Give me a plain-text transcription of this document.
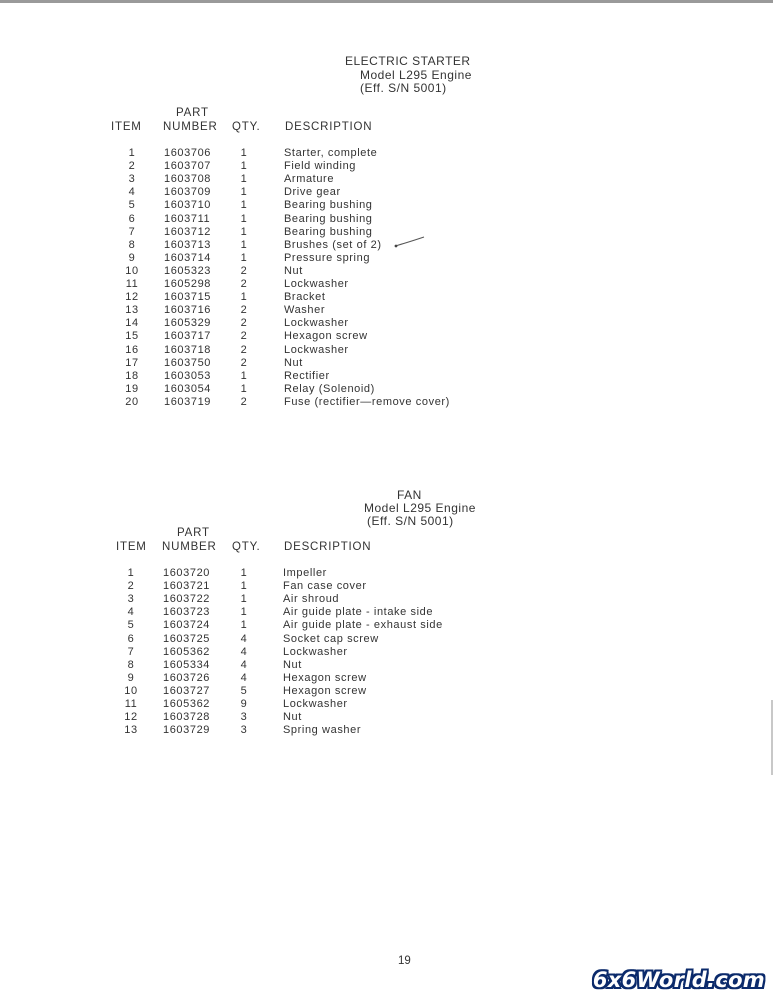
ELECTRIC STARTER
Model L295 Engine
(Eff. S/N 5001)
PART
ITEM NUMBER QTY. DESCRIPTION
1	1603706	1	Starter, complete
2	1603707	1	Field winding
3	1603708	1	Armature
4	1603709	1	Drive gear
5	1603710	1	Bearing bushing
6	1603711	1	Bearing bushing
7	1603712	1	Bearing bushing
8	1603713	1	Brushes (set of 2)
9	1603714	1	Pressure spring
10	1605323	2	Nut
11	1605298	2	Lockwasher
12	1603715	1	Bracket
13	1603716	2	Washer
14	1605329	2	Lockwasher
15	1603717	2	Hexagon screw
16	1603718	2	Lockwasher
17	1603750	2	Nut
18	1603053	1	Rectifier
19	1603054	1	Relay (Solenoid)
20	1603719	2	Fuse (rectifier—remove cover)
FAN
Model L295 Engine
(Eff. S/N 5001)
PART
ITEM NUMBER QTY. DESCRIPTION
1	1603720	1	Impeller
2	1603721	1	Fan case cover
3	1603722	1	Air shroud
4	1603723	1	Air guide plate - intake side
5	1603724	1	Air guide plate - exhaust side
6	1603725	4	Socket cap screw
7	1605362	4	Lockwasher
8	1605334	4	Nut
9	1603726	4	Hexagon screw
10	1603727	5	Hexagon screw
11	1605362	9	Lockwasher
12	1603728	3	Nut
13	1603729	3	Spring washer
19
6x6World.com
